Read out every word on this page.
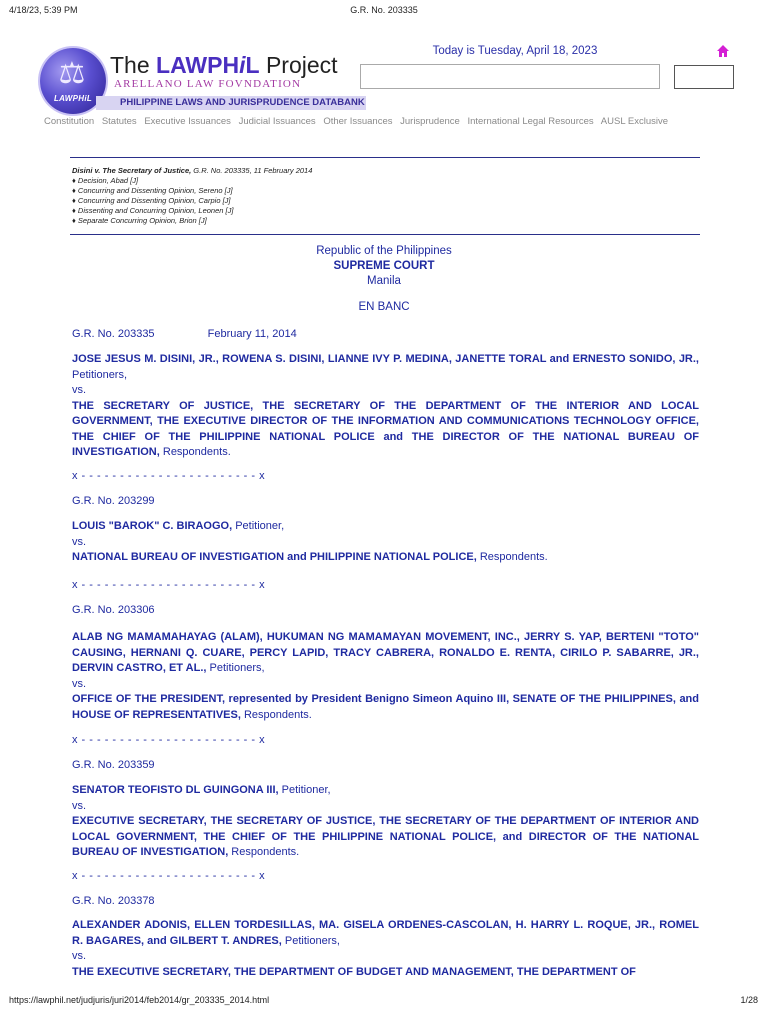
4/18/23, 5:39 PM	G.R. No. 203335
⚖
LAWPHiL
The LAWPHiL Project
ARELLANO LAW FOVNDATION
PHILIPPINE LAWS AND JURISPRUDENCE DATABANK
Today is Tuesday, April 18, 2023
Constitution Statutes Executive Issuances Judicial Issuances Other Issuances Jurisprudence International Legal Resources AUSL Exclusive
Disini v. The Secretary of Justice, G.R. No. 203335, 11 February 2014
♦ Decision, Abad [J]
♦ Concurring and Dissenting Opinion, Sereno [J]
♦ Concurring and Dissenting Opinion, Carpio [J]
♦ Dissenting and Concurring Opinion, Leonen [J]
♦ Separate Concurring Opinion, Brion [J]
Republic of the Philippines
SUPREME COURT
Manila
EN BANC
G.R. No. 203335	February 11, 2014
JOSE JESUS M. DISINI, JR., ROWENA S. DISINI, LIANNE IVY P. MEDINA, JANETTE TORAL and ERNESTO SONIDO, JR., Petitioners,
vs.
THE SECRETARY OF JUSTICE, THE SECRETARY OF THE DEPARTMENT OF THE INTERIOR AND LOCAL GOVERNMENT, THE EXECUTIVE DIRECTOR OF THE INFORMATION AND COMMUNICATIONS TECHNOLOGY OFFICE, THE CHIEF OF THE PHILIPPINE NATIONAL POLICE and THE DIRECTOR OF THE NATIONAL BUREAU OF INVESTIGATION, Respondents.
x - - - - - - - - - - - - - - - - - - - - - - - x
G.R. No. 203299
LOUIS "BAROK" C. BIRAOGO, Petitioner,
vs.
NATIONAL BUREAU OF INVESTIGATION and PHILIPPINE NATIONAL POLICE, Respondents.
x - - - - - - - - - - - - - - - - - - - - - - - x
G.R. No. 203306
ALAB NG MAMAMAHAYAG (ALAM), HUKUMAN NG MAMAMAYAN MOVEMENT, INC., JERRY S. YAP, BERTENI "TOTO" CAUSING, HERNANI Q. CUARE, PERCY LAPID, TRACY CABRERA, RONALDO E. RENTA, CIRILO P. SABARRE, JR., DERVIN CASTRO, ET AL., Petitioners,
vs.
OFFICE OF THE PRESIDENT, represented by President Benigno Simeon Aquino III, SENATE OF THE PHILIPPINES, and HOUSE OF REPRESENTATIVES, Respondents.
x - - - - - - - - - - - - - - - - - - - - - - - x
G.R. No. 203359
SENATOR TEOFISTO DL GUINGONA III, Petitioner,
vs.
EXECUTIVE SECRETARY, THE SECRETARY OF JUSTICE, THE SECRETARY OF THE DEPARTMENT OF INTERIOR AND LOCAL GOVERNMENT, THE CHIEF OF THE PHILIPPINE NATIONAL POLICE, and DIRECTOR OF THE NATIONAL BUREAU OF INVESTIGATION, Respondents.
x - - - - - - - - - - - - - - - - - - - - - - - x
G.R. No. 203378
ALEXANDER ADONIS, ELLEN TORDESILLAS, MA. GISELA ORDENES-CASCOLAN, H. HARRY L. ROQUE, JR., ROMEL R. BAGARES, and GILBERT T. ANDRES, Petitioners,
vs.
THE EXECUTIVE SECRETARY, THE DEPARTMENT OF BUDGET AND MANAGEMENT, THE DEPARTMENT OF
https://lawphil.net/judjuris/juri2014/feb2014/gr_203335_2014.html	1/28
